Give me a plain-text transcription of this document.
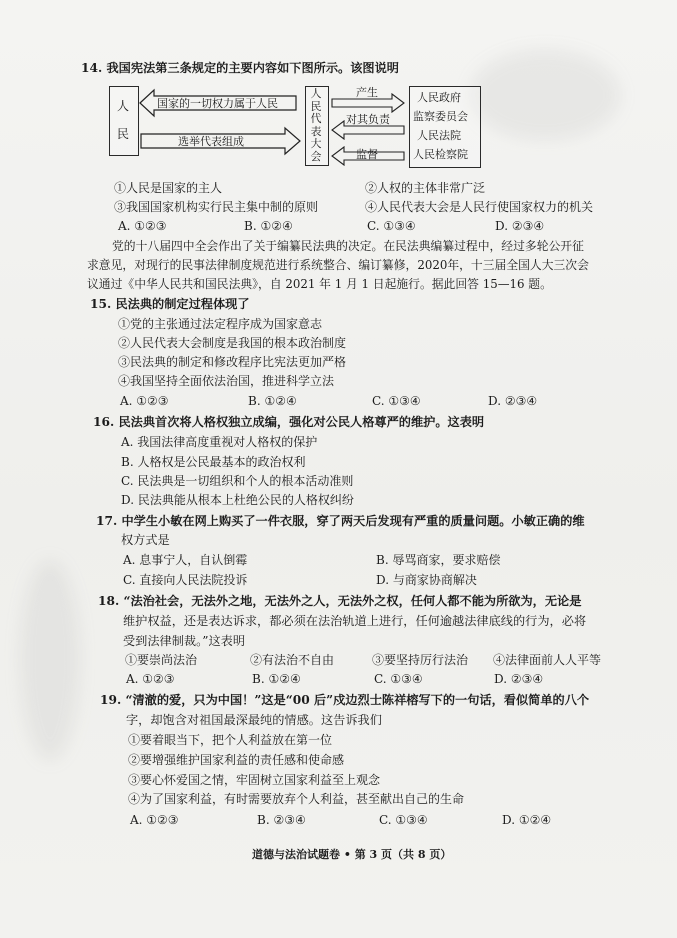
14. 我国宪法第三条规定的主要内容如下图所示。该图说明
人
民
国家的一切权力属于人民
选举代表组成
人民代表大会
产生
对其负责
监督
人民政府
监察委员会
人民法院
人民检察院
①人民是国家的主人	②人权的主体非常广泛
③我国国家机构实行民主集中制的原则	④人民代表大会是人民行使国家权力的机关
A. ①②③	B. ①②④	C. ①③④	D. ②③④
党的十八届四中全会作出了关于编纂民法典的决定。在民法典编纂过程中，经过多轮公开征
求意见，对现行的民事法律制度规范进行系统整合、编订纂修，2020年，十三届全国人大三次会
议通过《中华人民共和国民法典》，自 2021 年 1 月 1 日起施行。据此回答 15—16 题。
15. 民法典的制定过程体现了
①党的主张通过法定程序成为国家意志
②人民代表大会制度是我国的根本政治制度
③民法典的制定和修改程序比宪法更加严格
④我国坚持全面依法治国，推进科学立法
A. ①②③	B. ①②④	C. ①③④	D. ②③④
16. 民法典首次将人格权独立成编，强化对公民人格尊严的维护。这表明
A. 我国法律高度重视对人格权的保护
B. 人格权是公民最基本的政治权利
C. 民法典是一切组织和个人的根本活动准则
D. 民法典能从根本上杜绝公民的人格权纠纷
17. 中学生小敏在网上购买了一件衣服，穿了两天后发现有严重的质量问题。小敏正确的维
权方式是
A. 息事宁人，自认倒霉	B. 辱骂商家，要求赔偿
C. 直接向人民法院投诉	D. 与商家协商解决
18. “法治社会，无法外之地，无法外之人，无法外之权，任何人都不能为所欲为，无论是
维护权益，还是表达诉求，都必须在法治轨道上进行，任何逾越法律底线的行为，必将
受到法律制裁。”这表明
①要崇尚法治	②有法治不自由	③要坚持厉行法治 ④法律面前人人平等
A. ①②③	B. ①②④	C. ①③④	D. ②③④
19. “清澈的爱，只为中国！”这是“00 后”戍边烈士陈祥榕写下的一句话，看似简单的八个
字，却饱含对祖国最深最纯的情感。这告诉我们
①要着眼当下，把个人利益放在第一位
②要增强维护国家利益的责任感和使命感
③要心怀爱国之情，牢固树立国家利益至上观念
④为了国家利益，有时需要放弃个人利益，甚至献出自己的生命
A. ①②③	B. ②③④	C. ①③④	D. ①②④
道德与法治试题卷 • 第 3 页（共 8 页）
